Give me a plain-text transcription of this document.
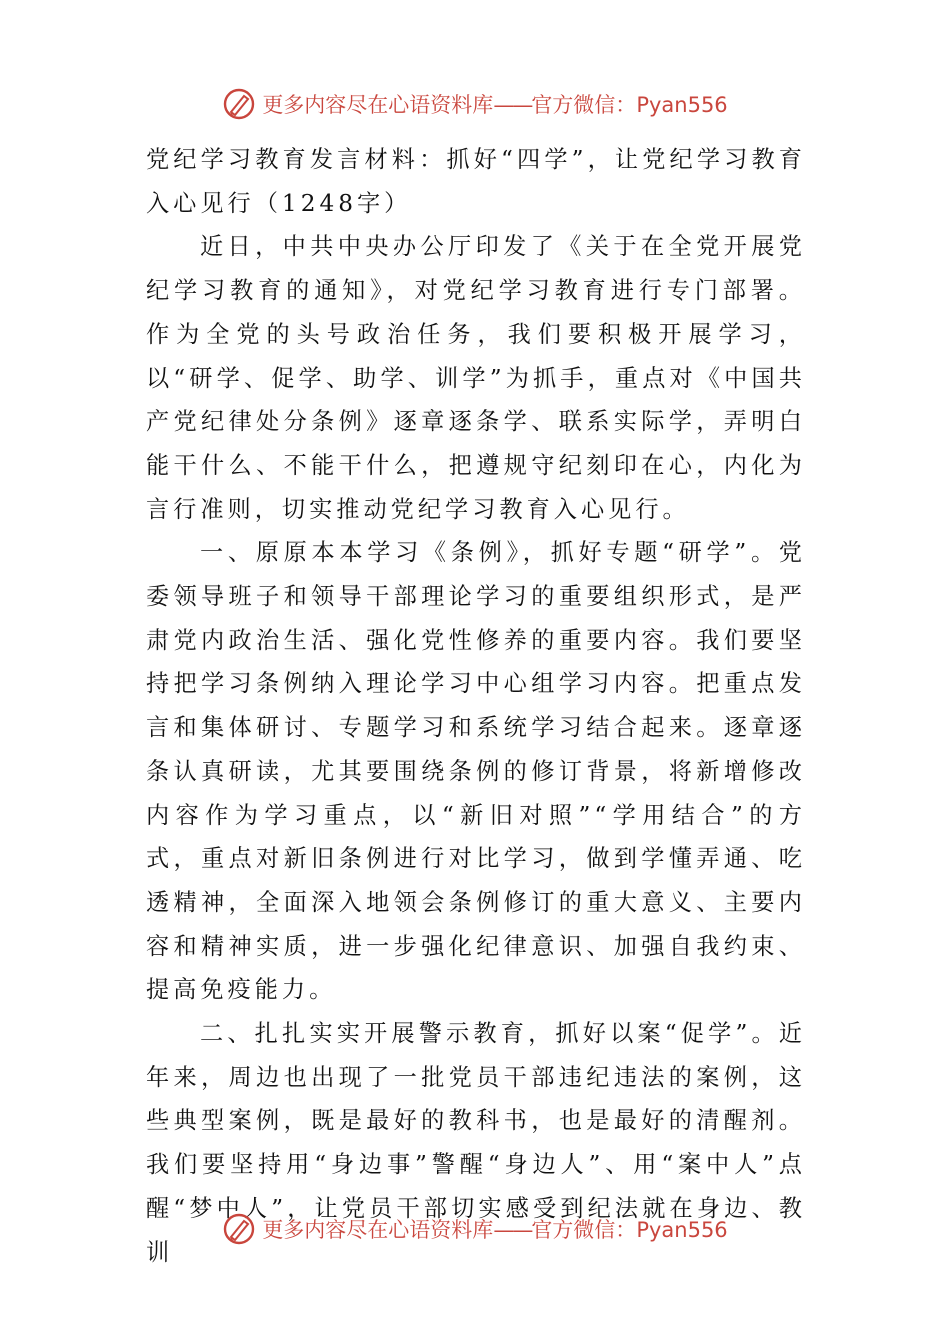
更多内容尽在心语资料库——官方微信：Pyan556

党纪学习教育发言材料：抓好“四学”，让党纪学习教育入心见行（1248字）

近日，中共中央办公厅印发了《关于在全党开展党纪学习教育的通知》，对党纪学习教育进行专门部署。作为全党的头号政治任务，我们要积极开展学习，以“研学、促学、助学、训学”为抓手，重点对《中国共产党纪律处分条例》逐章逐条学、联系实际学，弄明白能干什么、不能干什么，把遵规守纪刻印在心，内化为言行准则，切实推动党纪学习教育入心见行。

一、原原本本学习《条例》，抓好专题“研学”。党委领导班子和领导干部理论学习的重要组织形式，是严肃党内政治生活、强化党性修养的重要内容。我们要坚持把学习条例纳入理论学习中心组学习内容。把重点发言和集体研讨、专题学习和系统学习结合起来。逐章逐条认真研读，尤其要围绕条例的修订背景，将新增修改内容作为学习重点，以“新旧对照”“学用结合”的方式，重点对新旧条例进行对比学习，做到学懂弄通、吃透精神，全面深入地领会条例修订的重大意义、主要内容和精神实质，进一步强化纪律意识、加强自我约束、提高免疫能力。

二、扎扎实实开展警示教育，抓好以案“促学”。近年来，周边也出现了一批党员干部违纪违法的案例，这些典型案例，既是最好的教科书，也是最好的清醒剂。我们要坚持用“身边事”警醒“身边人”、用“案中人”点醒“梦中人”，让党员干部切实感受到纪法就在身边、教训

更多内容尽在心语资料库——官方微信：Pyan556
